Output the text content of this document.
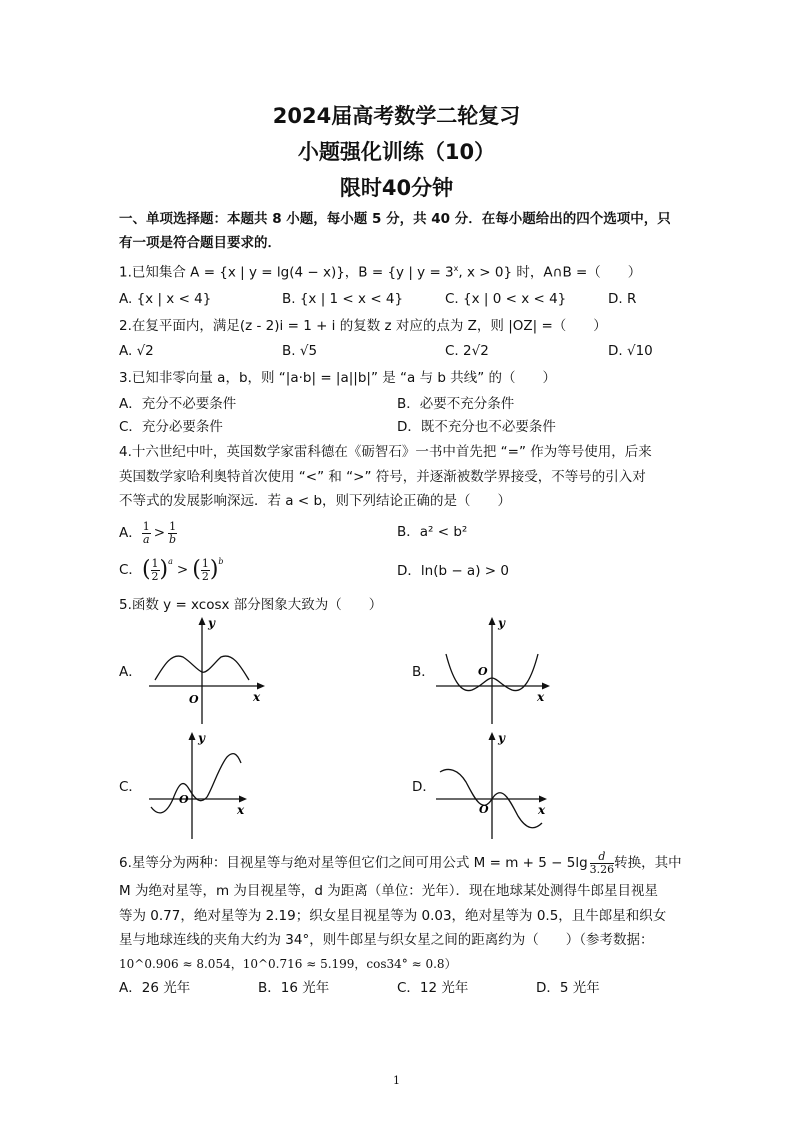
2024届高考数学二轮复习
小题强化训练（10）
限时40分钟
一、单项选择题：本题共 8 小题，每小题 5 分，共 40 分．在每小题给出的四个选项中，只
有一项是符合题目要求的．
1.已知集合 A = {x | y = lg(4 − x)}，B = {y | $y = 3^x$, x > 0} 时，A∩B =（　　）
A. {x | x < 4}	B. {x | 1 < x < 4}	C. {x | 0 < x < 4}	D. R
2.在复平面内，满足(z - 2)i = 1 + i 的复数 z 对应的点为 Z，则 |OZ| =（　　）
A. √2	B. √5	C. 2√2	D. √10
3.已知非零向量 a，b，则 “|a·b| = |a||b|” 是 “a 与 b 共线” 的（　　）
A．充分不必要条件	B．必要不充分条件
C．充分必要条件	D．既不充分也不必要条件
4.十六世纪中叶，英国数学家雷科德在《砺智石》一书中首先把 “=” 作为等号使用，后来
英国数学家哈利奥特首次使用 “<” 和 “>” 符号，并逐渐被数学界接受，不等号的引入对
不等式的发展影响深远．若 a < b，则下列结论正确的是（　　）
A． $\frac{1}{a} > \frac{1}{b}$	B．a² < b²
C． ( $\frac{1}{2} )^a$
> ( $\frac{1}{2} )^b$
D．ln(b − a) > 0
5.函数 y = xcosx 部分图象大致为（　　）
A．	B．
C．	D．
y
x
O
y
x
O
y
x
O
y
x
O
6.星等分为两种：目视星等与绝对星等但它们之间可用公式 $M = m + 5 - 5\lg \frac{d}{3.26}$ 转换，其中
M 为绝对星等，m 为目视星等，d 为距离（单位：光年）．现在地球某处测得牛郎星目视星
等为 0.77，绝对星等为 2.19；织女星目视星等为 0.03，绝对星等为 0.5，且牛郎星和织女
星与地球连线的夹角大约为 34°，则牛郎星与织女星之间的距离约为（　　）（参考数据：
10^0.906 ≈ 8.054，10^0.716 ≈ 5.199，cos34° ≈ 0.8）
A．26 光年	B．16 光年	C．12 光年	D．5 光年
1
